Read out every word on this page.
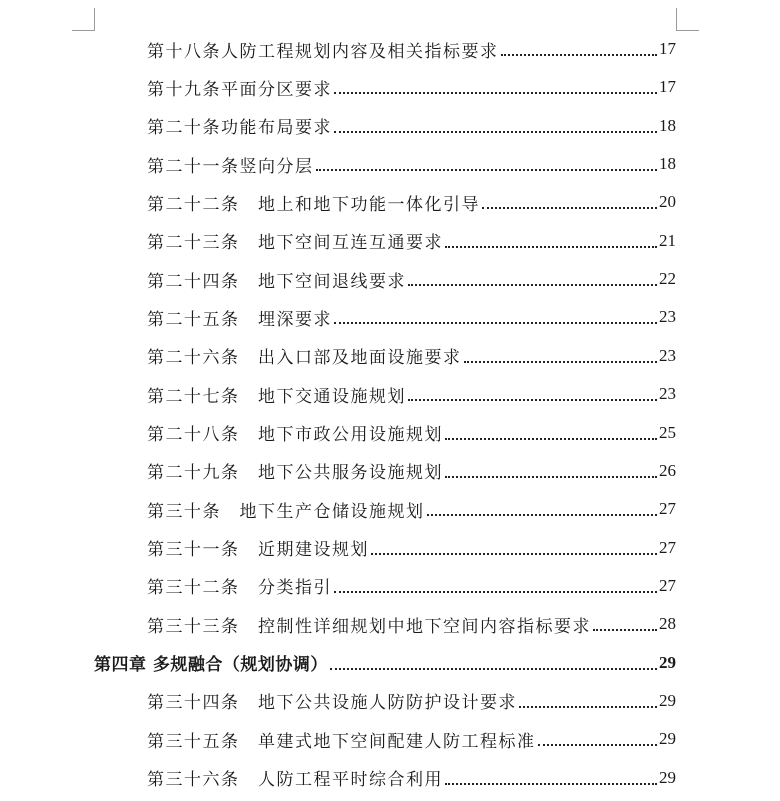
第十八条人防工程规划内容及相关指标要求	17
第十九条平面分区要求	17
第二十条功能布局要求	18
第二十一条竖向分层	18
第二十二条　地上和地下功能一体化引导	20
第二十三条　地下空间互连互通要求	21
第二十四条　地下空间退线要求	22
第二十五条　埋深要求	23
第二十六条　出入口部及地面设施要求	23
第二十七条　地下交通设施规划	23
第二十八条　地下市政公用设施规划	25
第二十九条　地下公共服务设施规划	26
第三十条　地下生产仓储设施规划	27
第三十一条　近期建设规划	27
第三十二条　分类指引	27
第三十三条　控制性详细规划中地下空间内容指标要求	28
第四章 多规融合（规划协调）	29
第三十四条　地下公共设施人防防护设计要求	29
第三十五条　单建式地下空间配建人防工程标准	29
第三十六条　人防工程平时综合利用	29
